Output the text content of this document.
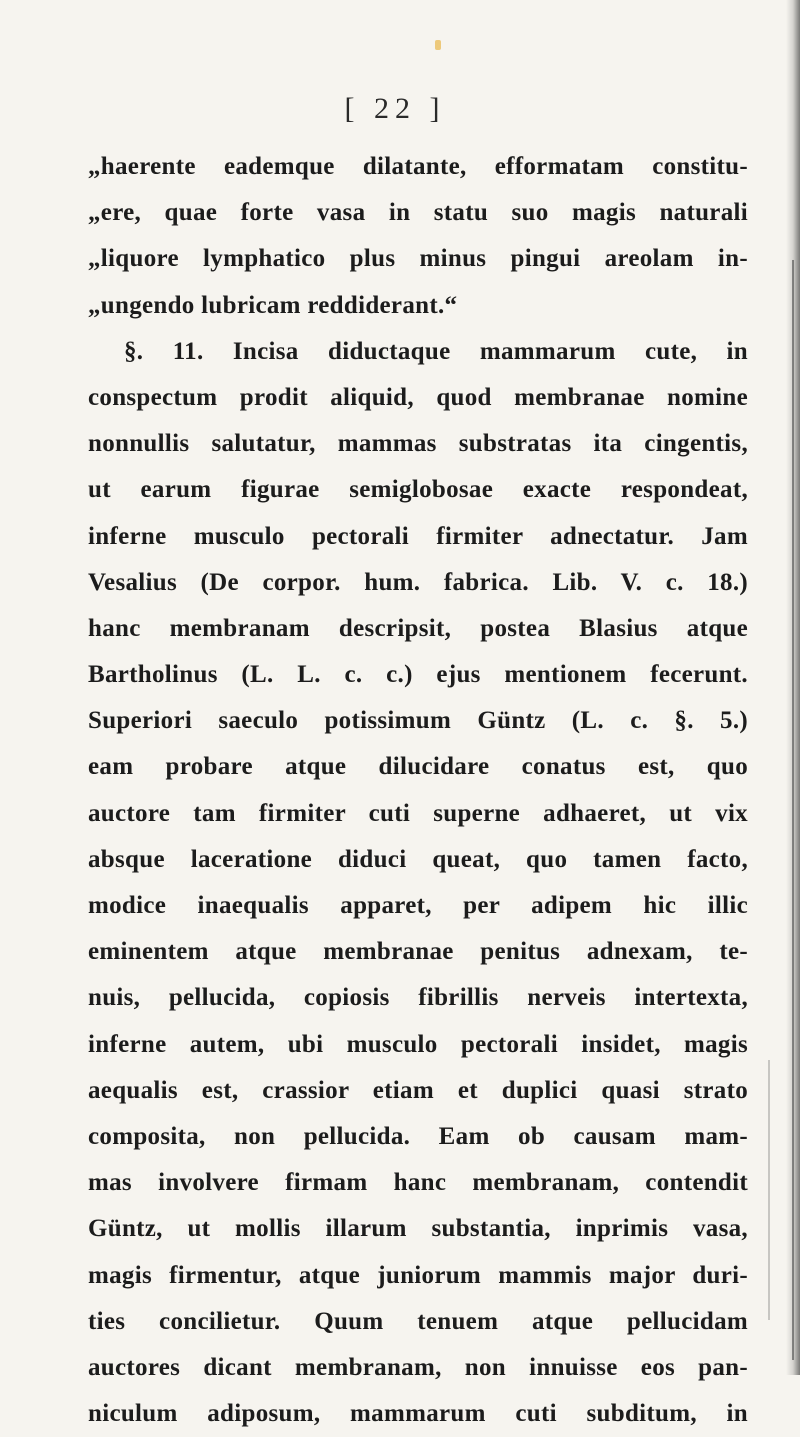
[ 22 ]
„haerente eademque dilatante, efformatam constitu-
„ere, quae forte vasa in statu suo magis naturali
„liquore lymphatico plus minus pingui areolam in-
„ungendo lubricam reddiderant.“
§. 11. Incisa diductaque mammarum cute, in
conspectum prodit aliquid, quod membranae nomine
nonnullis salutatur, mammas substratas ita cingentis,
ut earum figurae semiglobosae exacte respondeat,
inferne musculo pectorali firmiter adnectatur. Jam
Vesalius (De corpor. hum. fabrica. Lib. V. c. 18.)
hanc membranam descripsit, postea Blasius atque
Bartholinus (L. L. c. c.) ejus mentionem fecerunt.
Superiori saeculo potissimum Güntz (L. c. §. 5.)
eam probare atque dilucidare conatus est, quo
auctore tam firmiter cuti superne adhaeret, ut vix
absque laceratione diduci queat, quo tamen facto,
modice inaequalis apparet, per adipem hic illic
eminentem atque membranae penitus adnexam, te-
nuis, pellucida, copiosis fibrillis nerveis intertexta,
inferne autem, ubi musculo pectorali insidet, magis
aequalis est, crassior etiam et duplici quasi strato
composita, non pellucida. Eam ob causam mam-
mas involvere firmam hanc membranam, contendit
Güntz, ut mollis illarum substantia, inprimis vasa,
magis firmentur, atque juniorum mammis major duri-
ties concilietur. Quum tenuem atque pellucidam
auctores dicant membranam, non innuisse eos pan-
niculum adiposum, mammarum cuti subditum, in
